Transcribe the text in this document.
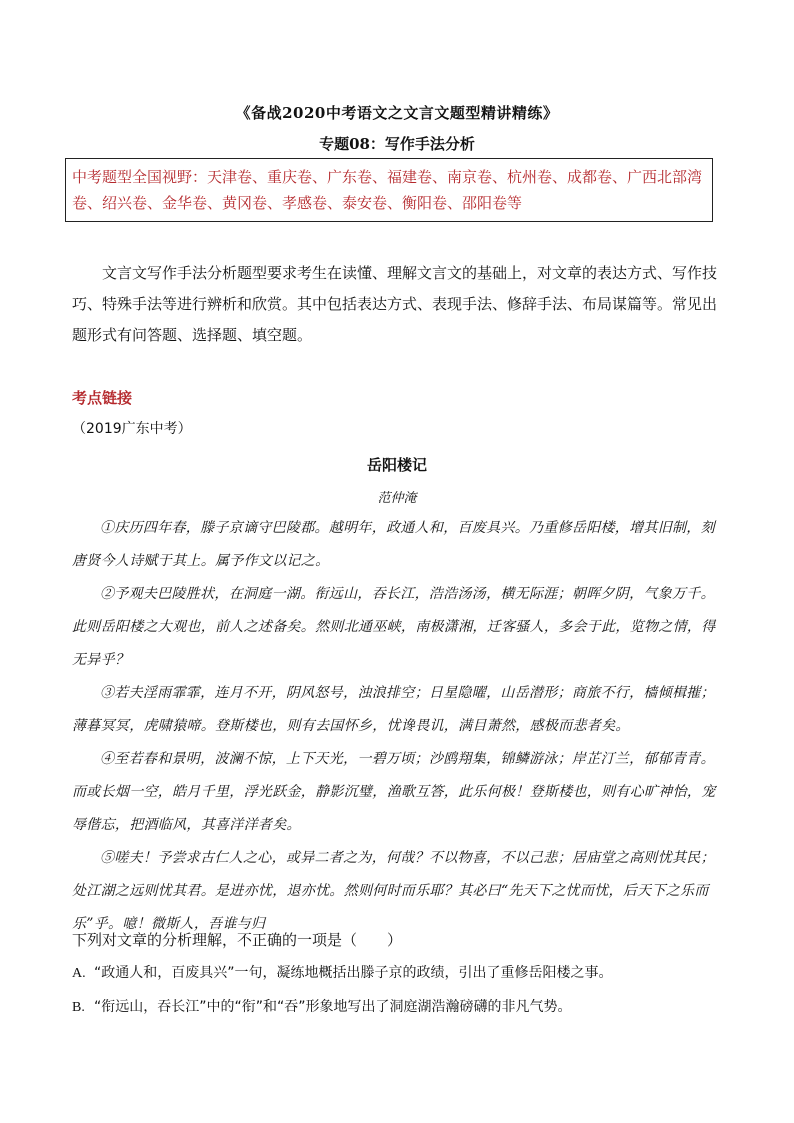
《备战2020中考语文之文言文题型精讲精练》
专题08：写作手法分析
中考题型全国视野：天津卷、重庆卷、广东卷、福建卷、南京卷、杭州卷、成都卷、广西北部湾卷、绍兴卷、金华卷、黄冈卷、孝感卷、泰安卷、衡阳卷、邵阳卷等
文言文写作手法分析题型要求考生在读懂、理解文言文的基础上，对文章的表达方式、写作技巧、特殊手法等进行辨析和欣赏。其中包括表达方式、表现手法、修辞手法、布局谋篇等。常见出题形式有问答题、选择题、填空题。
考点链接
（2019广东中考）
岳阳楼记
范仲淹

①庆历四年春，滕子京谪守巴陵郡。越明年，政通人和，百废具兴。乃重修岳阳楼，增其旧制，刻唐贤今人诗赋于其上。属予作文以记之。

②予观夫巴陵胜状，在洞庭一湖。衔远山，吞长江，浩浩汤汤，横无际涯；朝晖夕阴，气象万千。此则岳阳楼之大观也，前人之述备矣。然则北通巫峡，南极潇湘，迁客骚人，多会于此，览物之情，得无异乎？

③若夫淫雨霏霏，连月不开，阴风怒号，浊浪排空；日星隐曜，山岳潜形；商旅不行，樯倾楫摧；薄暮冥冥，虎啸猿啼。登斯楼也，则有去国怀乡，忧谗畏讥，满目萧然，感极而悲者矣。

④至若春和景明，波澜不惊，上下天光，一碧万顷；沙鸥翔集，锦鳞游泳；岸芷汀兰，郁郁青青。而或长烟一空，皓月千里，浮光跃金，静影沉璧，渔歌互答，此乐何极！登斯楼也，则有心旷神怡，宠辱偕忘，把酒临风，其喜洋洋者矣。

⑤嗟夫！予尝求古仁人之心，或异二者之为，何哉？不以物喜，不以己悲；居庙堂之高则忧其民；处江湖之远则忧其君。是进亦忧，退亦忧。然则何时而乐耶？其必曰“先天下之忧而忧，后天下之乐而乐”乎。噫！微斯人，吾谁与归

下列对文章的分析理解，不正确的一项是（　　）
A. “政通人和，百废具兴”一句，凝练地概括出滕子京的政绩，引出了重修岳阳楼之事。
B. “衔远山，吞长江”中的“衔”和“吞”形象地写出了洞庭湖浩瀚磅礴的非凡气势。
